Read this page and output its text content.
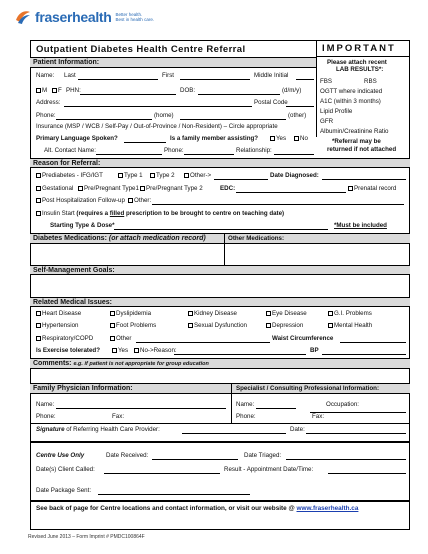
fraserhealth Better health.
Best in health care.
Outpatient Diabetes Health Centre Referral	IMPORTANT
Please attach recent
LAB RESULTS*:
FBS	RBS
OGTT where indicated
A1C (within 3 months)
Lipid Profile
GFR
Albumin/Creatinine Ratio
*Referral may be
returned if not attached
Patient Information:
Name: Last	First	Middle Initial
M	F PHN:	DOB:	(d/m/y)
Address:	Postal Code
Phone:	(home)	(other)
Insurance (MSP / WCB / Self-Pay / Out-of-Province / Non-Resident) – Circle appropriate
Primary Language Spoken?	Is a family member assisting?	Yes	No
Alt. Contact Name:	Phone:	Relationship:
Reason for Referral:
Prediabetes - IFG/IGT	Type 1	Type 2	Other->	Date Diagnosed:
Gestational	Pre/Pregnant Type1	Pre/Pregnant Type 2	EDC:	Prenatal record
Post Hospitalization Follow-up	Other:
Insulin Start (requires a filled prescription to be brought to centre on teaching date)
Starting Type & Dose*	*Must be included
Diabetes Medications:
(or attach medication record)	Other Medications:
Self-Management Goals:
Related Medical Issues:
Heart Disease	Dyslipidemia	Kidney Disease	Eye Disease	G.I. Problems
Hypertension	Foot Problems	Sexual Dysfunction	Depression	Mental Health
Respiratory/COPD	Other	Waist Circumference
Is Exercise tolerated?	Yes	No->Reason:	BP
Comments:
e.g. if patient is not appropriate for group education
Family Physician Information:	Specialist / Consulting Professional Information:
Name:	Name:	Occupation:
Phone:	Fax:	Phone:	Fax:
Signature of Referring Health Care Provider:	Date:
Centre Use Only	Date Received:	Date Triaged:
Date(s) Client Called:	Result - Appointment Date/Time:
Date Package Sent:
See back of page for Centre locations and contact information, or visit our website @ www.fraserhealth.ca
Revised June 2013 – Form Imprint # PMDC100864F
